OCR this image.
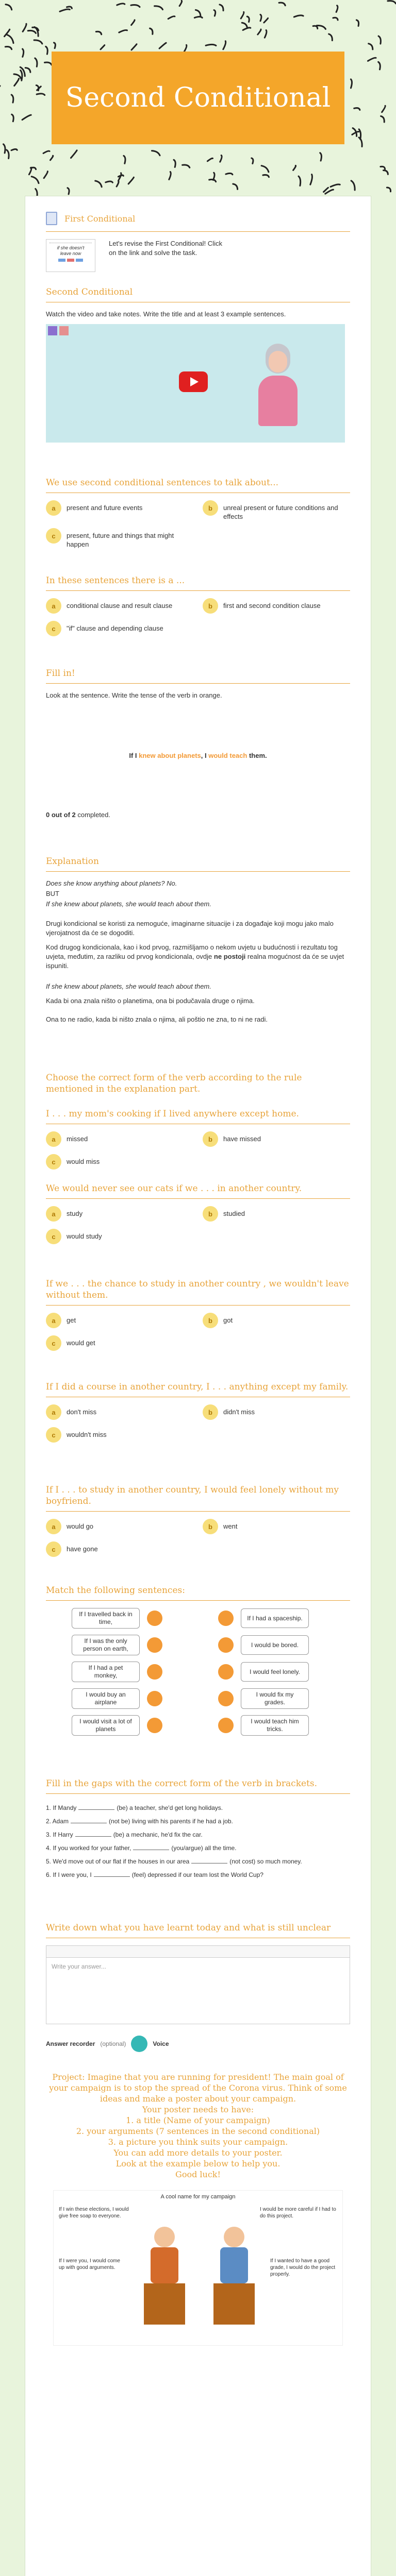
Second Conditional
First Conditional
if she doesn't leave now

Let's revise the First Conditional! Click on the link and solve the task.

Second Conditional

Watch the video and take notes. Write the title and at least 3 example sentences.

We use second conditional sentences to talk about...
a	present and future events	b	unreal present or future conditions and effects
c	present, future and things that might happen
In these sentences there is a ...
a	conditional clause and result clause	b	first and second condition clause
c	"if" clause and depending clause
Fill in!

Look at the sentence. Write the tense of the verb in orange.

If I knew about planets, I would teach them.
0 out of 2 completed.
Explanation

Does she know anything about planets? No.

BUT

If she knew about planets, she would teach about them.

Drugi kondicional se koristi za nemoguće, imaginarne situacije i za događaje koji mogu jako malo vjerojatnost da će se dogoditi.

Kod drugog kondicionala, kao i kod prvog, razmišljamo o nekom uvjetu u budućnosti i rezultatu tog uvjeta, međutim, za razliku od prvog kondicionala, ovdje ne postoji realna mogućnost da će se uvjet ispuniti.

If she knew about planets, she would teach about them.

Kada bi ona znala ništo o planetima, ona bi podučavala druge o njima.

Ona to ne radio, kada bi ništo znala o njima, ali poštio ne zna, to ni ne radi.

Choose the correct form of the verb according to the rule mentioned in the explanation part.
I . . . my mom's cooking if I lived anywhere except home.
a	missed	b	have missed
c	would miss
We would never see our cats if we . . . in another country.
a	study	b	studied
c	would study
If we . . . the chance to study in another country , we wouldn't leave without them.
a	get	b	got
c	would get
If I did a course in another country, I . . . anything except my family.
a	don't miss	b	didn't miss
c	wouldn't miss
If I . . . to study in another country, I would feel lonely without my boyfriend.
a	would go	b	went
c	have gone
Match the following sentences:
If I travelled back in time,
If I had a spaceship.
If I was the only person on earth,
I would be bored.
If I had a pet monkey,
I would feel lonely.
I would buy an airplane
I would fix my grades.
I would visit a lot of planets
I would teach him tricks.
Fill in the gaps with the correct form of the verb in brackets.
1. If Mandy	(be) a teacher, she'd get long holidays.
2. Adam	(not be) living with his parents if he had a job.
3. If Harry	(be) a mechanic, he'd fix the car.
4. If you worked for your father,	(you/argue) all the time.
5. We'd move out of our flat if the houses in our area	(not cost) so much money.
6. If I were you, I	(feel) depressed if our team lost the World Cup?
Write down what you have learnt today and what is still unclear
Write your answer...
Answer recorder (optional)	Voice
Project: Imagine that you are running for president! The main goal of your campaign is to stop the spread of the Corona virus. Think of some ideas and make a poster about your campaign.
Your poster needs to have:
1. a title (Name of your campaign)
2. your arguments (7 sentences in the second conditional)
3. a picture you think suits your campaign.
You can add more details to your poster.
Look at the example below to help you.
Good luck!
A cool name for my campaign
If I win these elections, I would give free soap to everyone.
I would be more careful if I had to do this project.
If I were you, I would come up with good arguments.
If I wanted to have a good grade, I would do the project properly.
